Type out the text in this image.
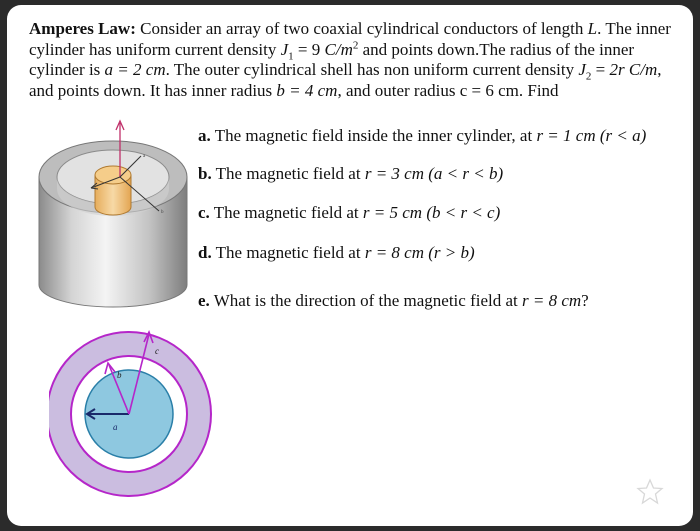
Amperes Law: Consider an array of two coaxial cylindrical conductors of length L. The inner cylinder has uniform current density $J_1 = 9$ $C/m^2$ and points down.The radius of the inner cylinder is a = 2 cm. The outer cylindrical shell has non uniform current density $J_2 = 2r$ C/m, and points down. It has inner radius b = 4 cm, and outer radius c = 6 cm. Find
a. The magnetic field inside the inner cylinder, at r = 1 cm (r < a)
b. The magnetic field at r = 3 cm (a < r < b)
c. The magnetic field at r = 5 cm (b < r < c)
d. The magnetic field at r = 8 cm (r > b)
e. What is the direction of the magnetic field at r = 8 cm?
a
b
a
b
c
